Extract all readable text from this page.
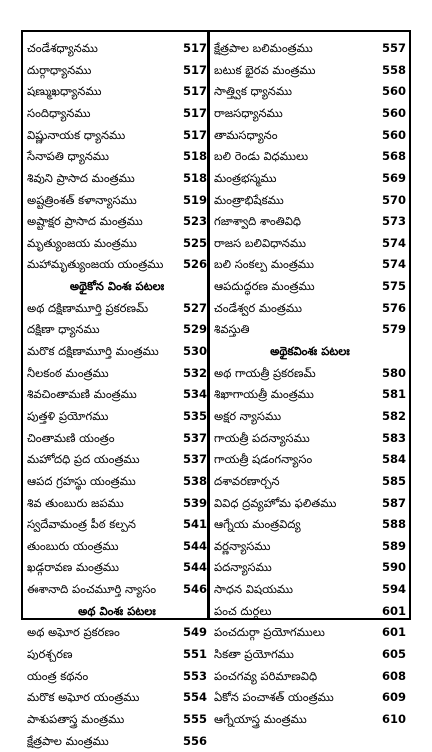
చండేశధ్యానము	517
దుర్గాధ్యానము	517
షణ్ముఖధ్యానము	517
సందిధ్యానము	517
విష్ణునాయక ధ్యానము	517
సేనాపతి ధ్యానము	518
శివుని ప్రాసాద మంత్రము	518
అష్టత్రింశత్ కళాన్యాసము	519
అష్టాక్షర ప్రాసాద మంత్రము	523
మృత్యుంజయ మంత్రము	525
మహామృత్యుంజయ యంత్రము 526
అథైకోన వింశః పటలః
అథ దక్షిణామూర్తి ప్రకరణమ్	527
దక్షిణా ధ్యానము	529
మరొక దక్షిణామూర్తి మంత్రము 530
నీలకంఠ మంత్రము	532
శివచింతామణి మంత్రము	534
పుత్తళి ప్రయోగము	535
చింతామణి యంత్రం	537
మహోదధి ప్రద యంత్రము	537
ఆపద గ్రహస్థు యంత్రము	538
శివ తుంబురు జపము	539
స్వదేవామంత్ర పీఠ కల్పన	541
తుంబురు యంత్రము	544
ఖడ్గరావణ మంత్రము	544
ఈశానాది పంచమూర్తి న్యాసం 546
అథ వింశః పటలః
అథ అఘోర ప్రకరణం	549
పురశ్చరణ	551
యంత్ర కథనం	553
మరొక అఘోర యంత్రము	554
పాశుపతాస్త్ర మంత్రము	555
క్షేత్రపాల మంత్రము	556
క్షేత్రపాల బలిమంత్రము	557
బటుక భైరవ మంత్రము	558
సాత్త్విక ధ్యానము	560
రాజసధ్యానము	560
తామసధ్యానం	560
బలి రెండు విధములు	568
మంత్రభస్మము	569
మంత్రాభిషేకము	570
గజాశ్వాది శాంతివిధి	573
రాజస బలివిధానము	574
బలి సంకల్ప మంత్రము	574
ఆపదుద్ధరణ మంత్రము	575
చండేశ్వర మంత్రము	576
శివస్తుతి	579
అథైకవింశః పటలః
అథ గాయత్రీ ప్రకరణమ్	580
శిఖాగాయత్రీ మంత్రము	581
అక్షర న్యాసము	582
గాయత్రీ పదన్యాసము	583
గాయత్రీ షడంగన్యాసం	584
దశావరణార్చన	585
వివిధ ద్రవ్యహోమ ఫలితము	587
ఆగ్నేయ మంత్రవిద్య	588
వర్ణన్యాసము	589
పదన్యాసము	590
సాధన విషయము	594
పంచ దుర్గలు	601
పంచదుర్గా ప్రయోగములు	601
సికతా ప్రయోగము	605
పంచగవ్య పరిమాణవిధి	608
ఏకోన పంచాశత్ యంత్రము	609
ఆగ్నేయాస్త్ర మంత్రము	610
